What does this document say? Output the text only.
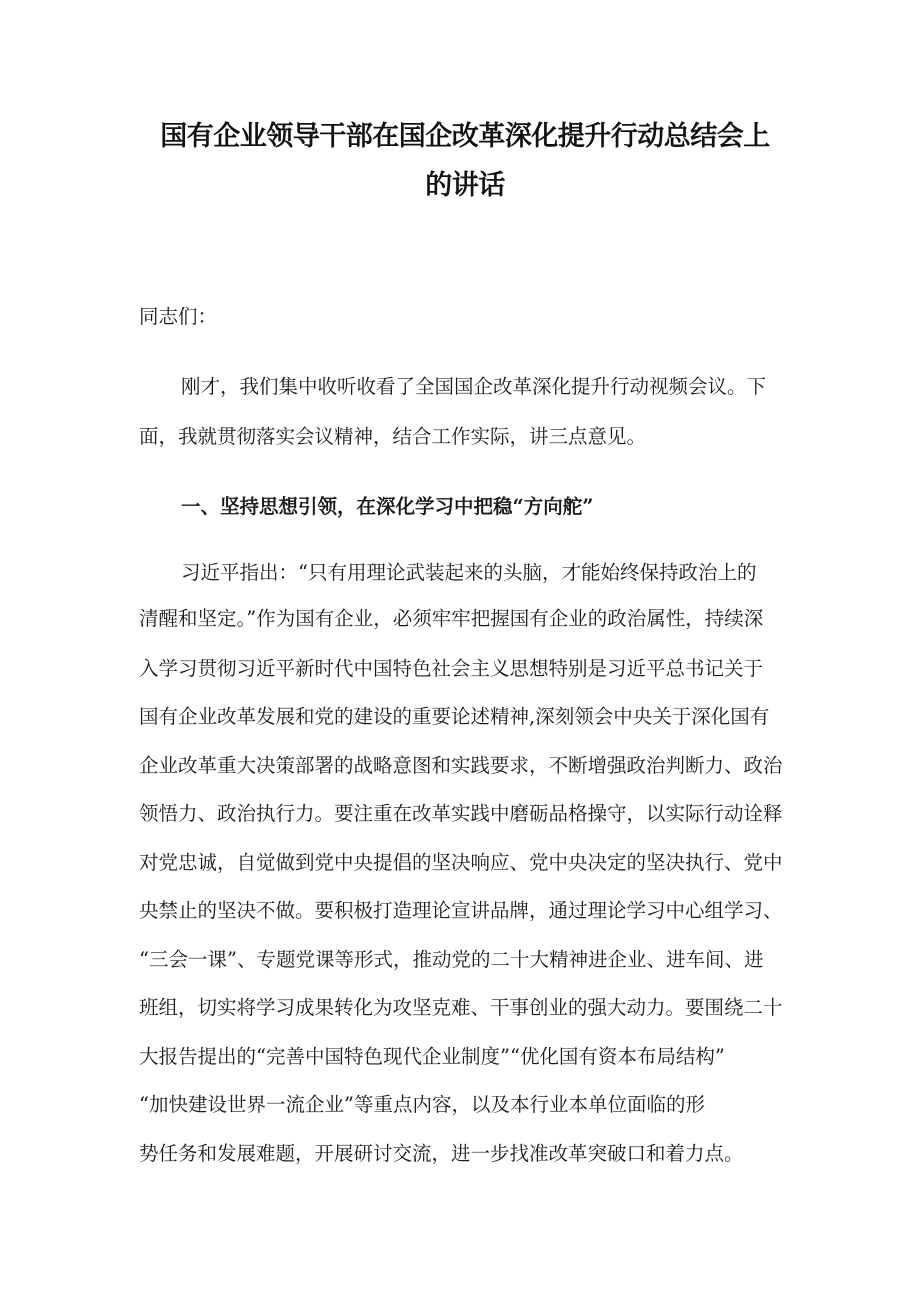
国有企业领导干部在国企改革深化提升行动总结会上
的讲话

同志们：

刚才，我们集中收听收看了全国国企改革深化提升行动视频会议。下

面，我就贯彻落实会议精神，结合工作实际，讲三点意见。

一、坚持思想引领，在深化学习中把稳“方向舵”

习近平指出：“只有用理论武装起来的头脑，才能始终保持政治上的

清醒和坚定。”作为国有企业，必须牢牢把握国有企业的政治属性，持续深

入学习贯彻习近平新时代中国特色社会主义思想特别是习近平总书记关于

国有企业改革发展和党的建设的重要论述精神,深刻领会中央关于深化国有

企业改革重大决策部署的战略意图和实践要求，不断增强政治判断力、政治

领悟力、政治执行力。要注重在改革实践中磨砺品格操守，以实际行动诠释

对党忠诚，自觉做到党中央提倡的坚决响应、党中央决定的坚决执行、党中

央禁止的坚决不做。要积极打造理论宣讲品牌，通过理论学习中心组学习、

“三会一课”、专题党课等形式，推动党的二十大精神进企业、进车间、进

班组，切实将学习成果转化为攻坚克难、干事创业的强大动力。要围绕二十

大报告提出的“完善中国特色现代企业制度”“优化国有资本布局结构”

“加快建设世界一流企业”等重点内容，以及本行业本单位面临的形

势任务和发展难题，开展研讨交流，进一步找准改革突破口和着力点。
